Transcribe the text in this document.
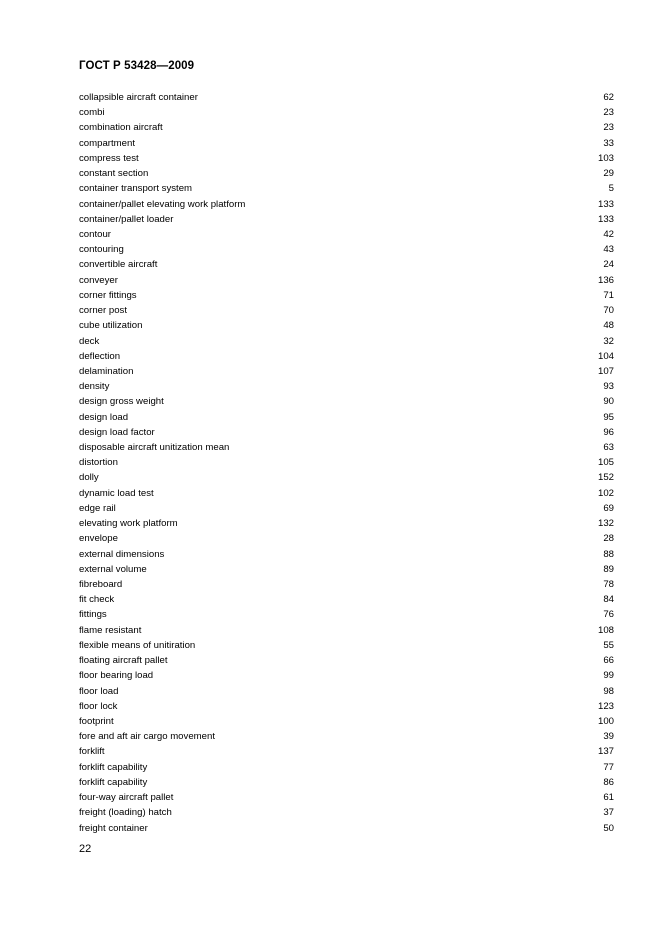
ГОСТ Р 53428—2009
collapsible aircraft container	62
combi	23
combination aircraft	23
compartment	33
compress test	103
constant section	29
container transport system	5
container/pallet elevating work platform	133
container/pallet loader	133
contour	42
contouring	43
convertible aircraft	24
conveyer	136
corner fittings	71
corner post	70
cube utilization	48
deck	32
deflection	104
delamination	107
density	93
design gross weight	90
design load	95
design load factor	96
disposable aircraft unitization mean	63
distortion	105
dolly	152
dynamic load test	102
edge rail	69
elevating work platform	132
envelope	28
external dimensions	88
external volume	89
fibreboard	78
fit check	84
fittings	76
flame resistant	108
flexible means of unitiration	55
floating aircraft pallet	66
floor bearing load	99
floor load	98
floor lock	123
footprint	100
fore and aft air cargo movement	39
forklift	137
forklift capability	77
forklift capability	86
four-way aircraft pallet	61
freight (loading) hatch	37
freight container	50
22
